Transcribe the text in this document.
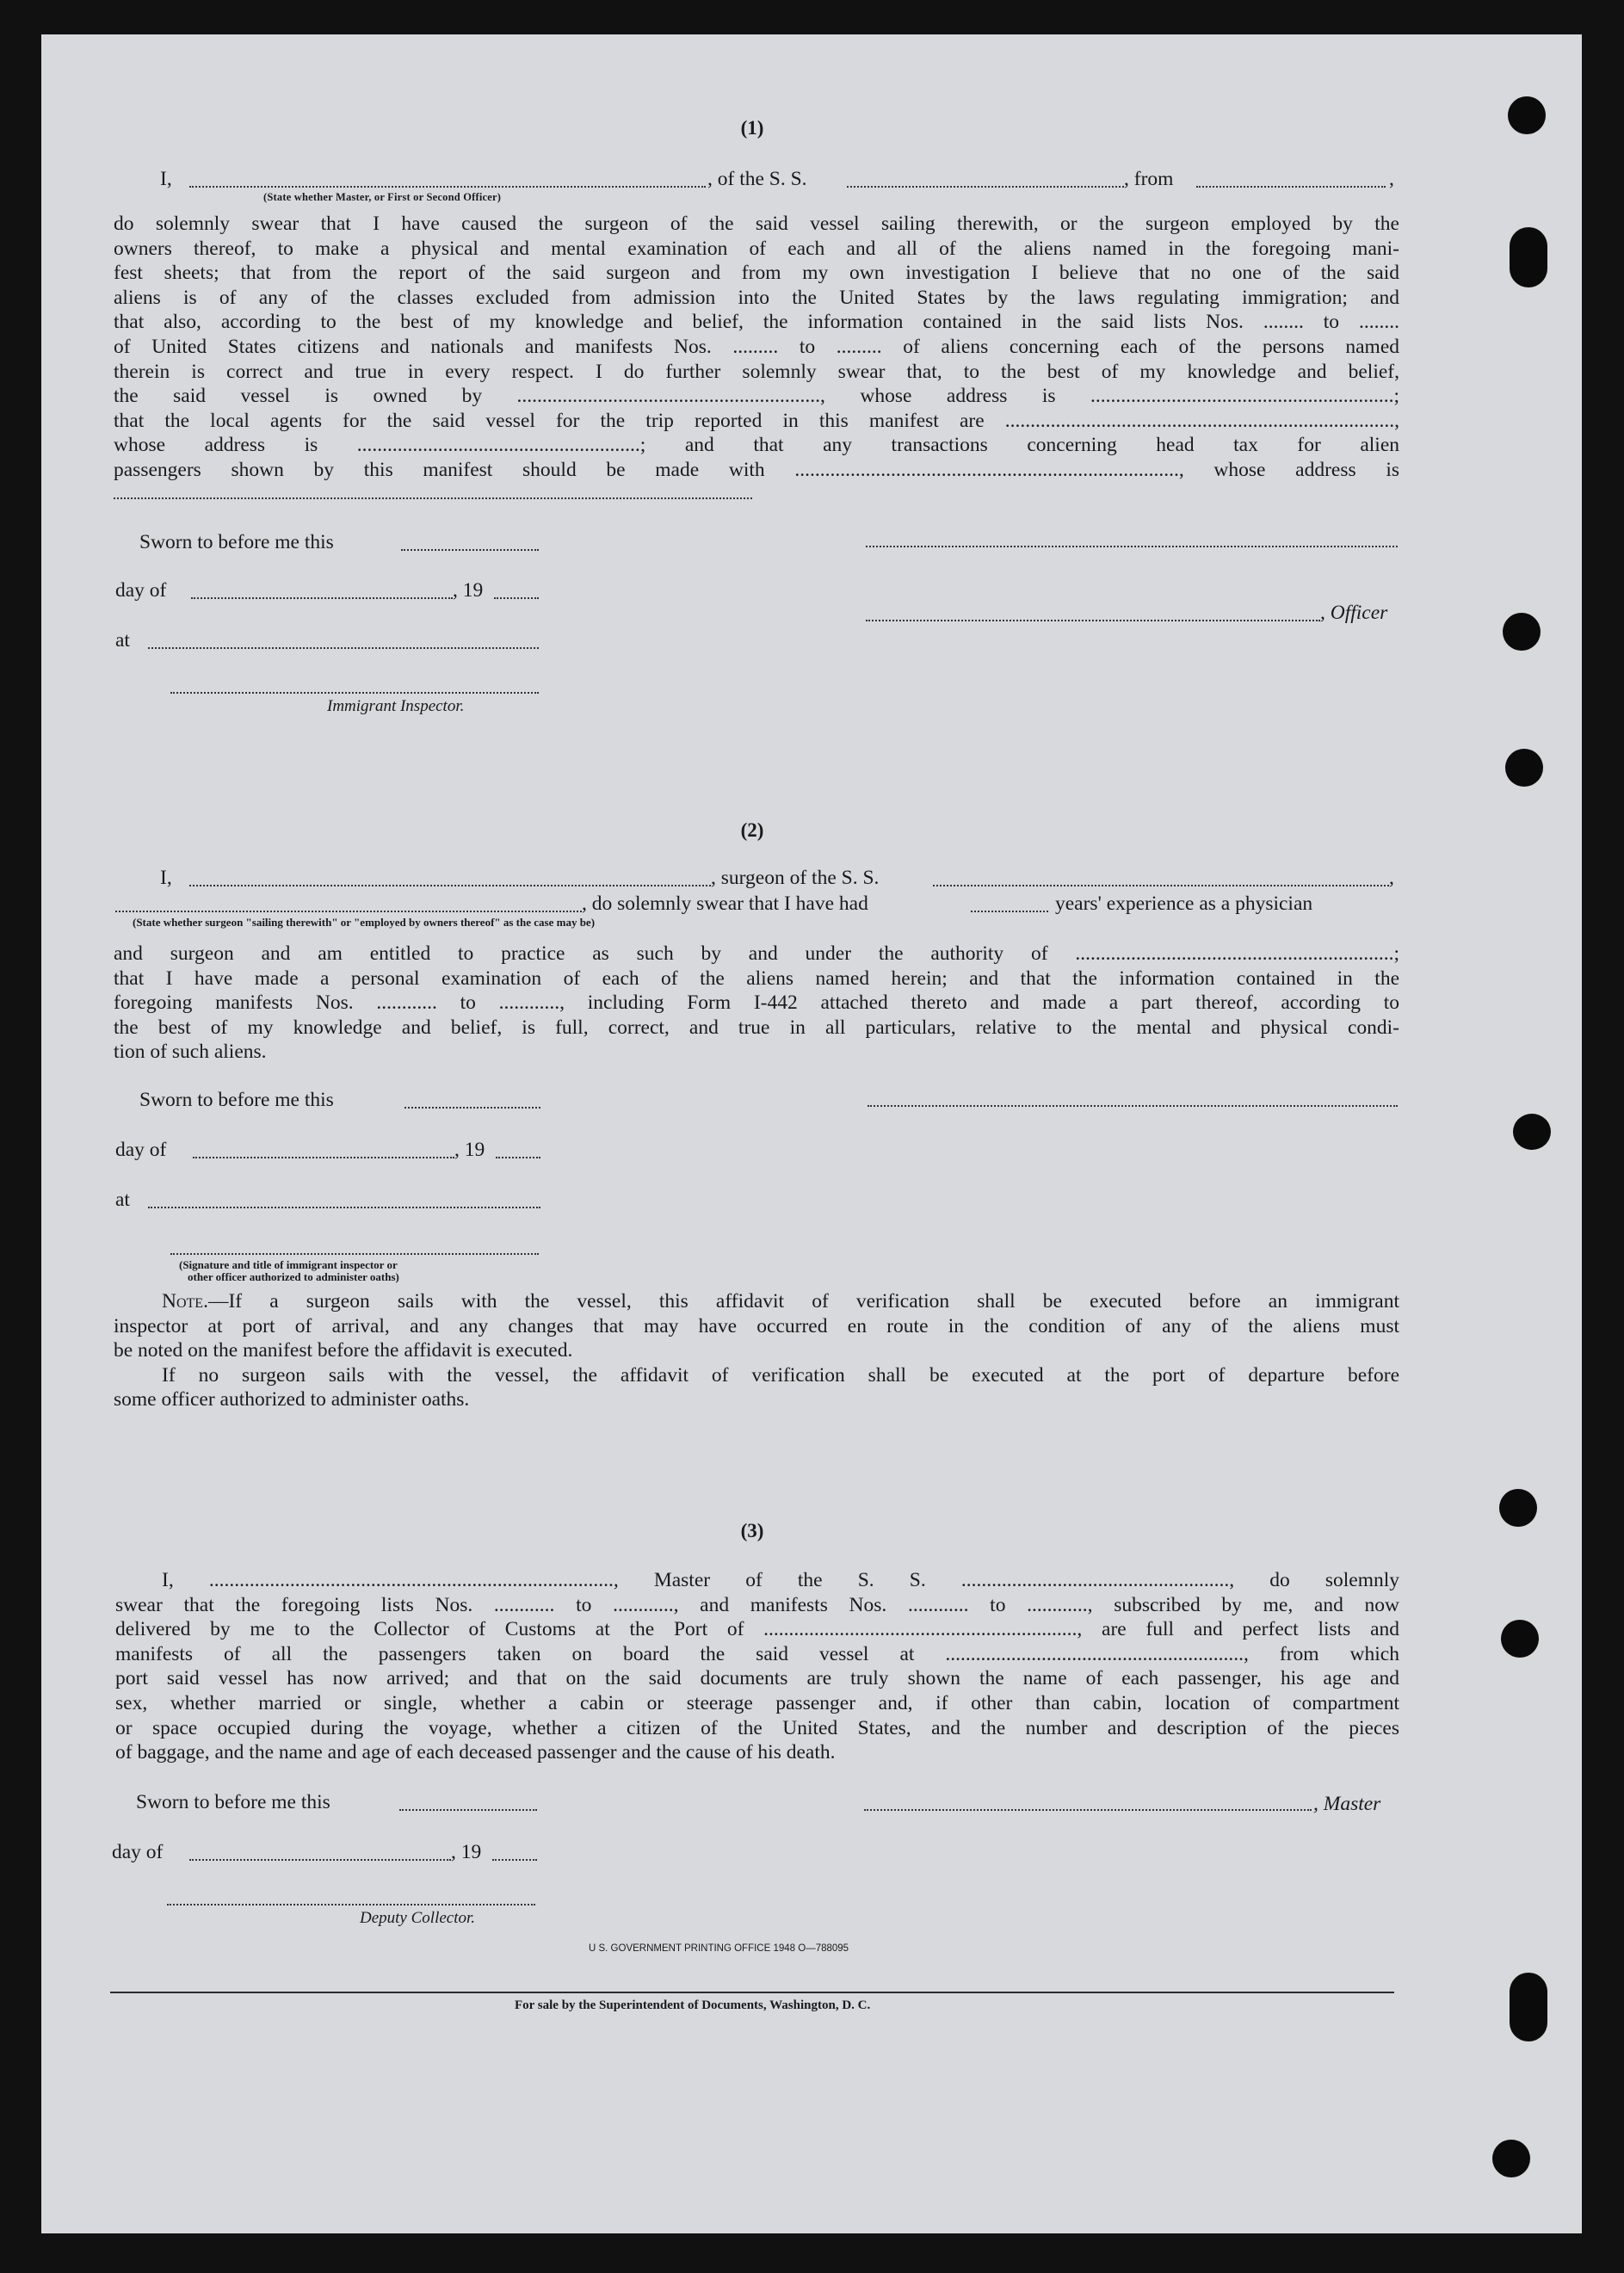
(1)
I,	, of the S. S.	, from	,
(State whether Master, or First or Second Officer)
do solemnly swear that I have caused the surgeon of the said vessel sailing therewith, or the surgeon employed by the
owners thereof, to make a physical and mental examination of each and all of the aliens named in the foregoing mani-
fest sheets; that from the report of the said surgeon and from my own investigation I believe that no one of the said
aliens is of any of the classes excluded from admission into the United States by the laws regulating immigration; and
that also, according to the best of my knowledge and belief, the information contained in the said lists Nos. ........ to ........
of United States citizens and nationals and manifests Nos. ......... to ......... of aliens concerning each of the persons named
therein is correct and true in every respect. I do further solemnly swear that, to the best of my knowledge and belief,
the said vessel is owned by ............................................................, whose address is ............................................................;
that the local agents for the said vessel for the trip reported in this manifest are .............................................................................,
whose address is ........................................................; and that any transactions concerning head tax for alien
passengers shown by this manifest should be made with ............................................................................, whose address is
Sworn to before me this
day of	, 19
, Officer
at
Immigrant Inspector.
(2)
I,	, surgeon of the S. S.	,
, do solemnly swear that I have had	years' experience as a physician
(State whether surgeon "sailing therewith" or "employed by owners thereof" as the case may be)
and surgeon and am entitled to practice as such by and under the authority of ...............................................................;
that I have made a personal examination of each of the aliens named herein; and that the information contained in the
foregoing manifests Nos. ............ to ............, including Form I-442 attached thereto and made a part thereof, according to
the best of my knowledge and belief, is full, correct, and true in all particulars, relative to the mental and physical condi-
tion of such aliens.
Sworn to before me this
day of	, 19
at
(Signature and title of immigrant inspector or
other officer authorized to administer oaths)
Note.—If a surgeon sails with the vessel, this affidavit of verification shall be executed before an immigrant
inspector at port of arrival, and any changes that may have occurred en route in the condition of any of the aliens must
be noted on the manifest before the affidavit is executed.
If no surgeon sails with the vessel, the affidavit of verification shall be executed at the port of departure before
some officer authorized to administer oaths.
(3)
I, ................................................................................, Master of the S. S. ....................................................., do solemnly
swear that the foregoing lists Nos. ............ to ............, and manifests Nos. ............ to ............, subscribed by me, and now
delivered by me to the Collector of Customs at the Port of .............................................................., are full and perfect lists and
manifests of all the passengers taken on board the said vessel at ..........................................................., from which
port said vessel has now arrived; and that on the said documents are truly shown the name of each passenger, his age and
sex, whether married or single, whether a cabin or steerage passenger and, if other than cabin, location of compartment
or space occupied during the voyage, whether a citizen of the United States, and the number and description of the pieces
of baggage, and the name and age of each deceased passenger and the cause of his death.
Sworn to before me this	, Master
day of	, 19
Deputy Collector.
U S. GOVERNMENT PRINTING OFFICE 1948 O—788095
For sale by the Superintendent of Documents, Washington, D. C.
